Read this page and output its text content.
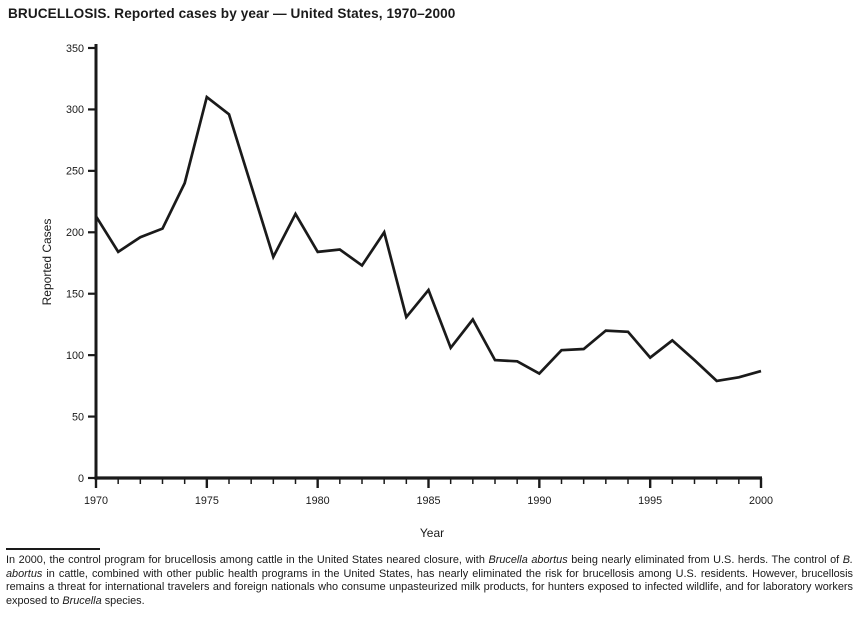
BRUCELLOSIS. Reported cases by year — United States, 1970–2000
0
50
100
150
200
250
300
350
1970	1975	1980	1985	1990	1995	2000
Reported Cases
Year

In 2000, the control program for brucellosis among cattle in the United States neared closure, with Brucella abortus being nearly eliminated from U.S. herds. The control of B. abortus in cattle, combined with other public health programs in the United States, has nearly eliminated the risk for brucellosis among U.S. residents. However, brucellosis remains a threat for international travelers and foreign nationals who consume unpasteurized milk products, for hunters exposed to infected wildlife, and for laboratory workers exposed to Brucella species.
